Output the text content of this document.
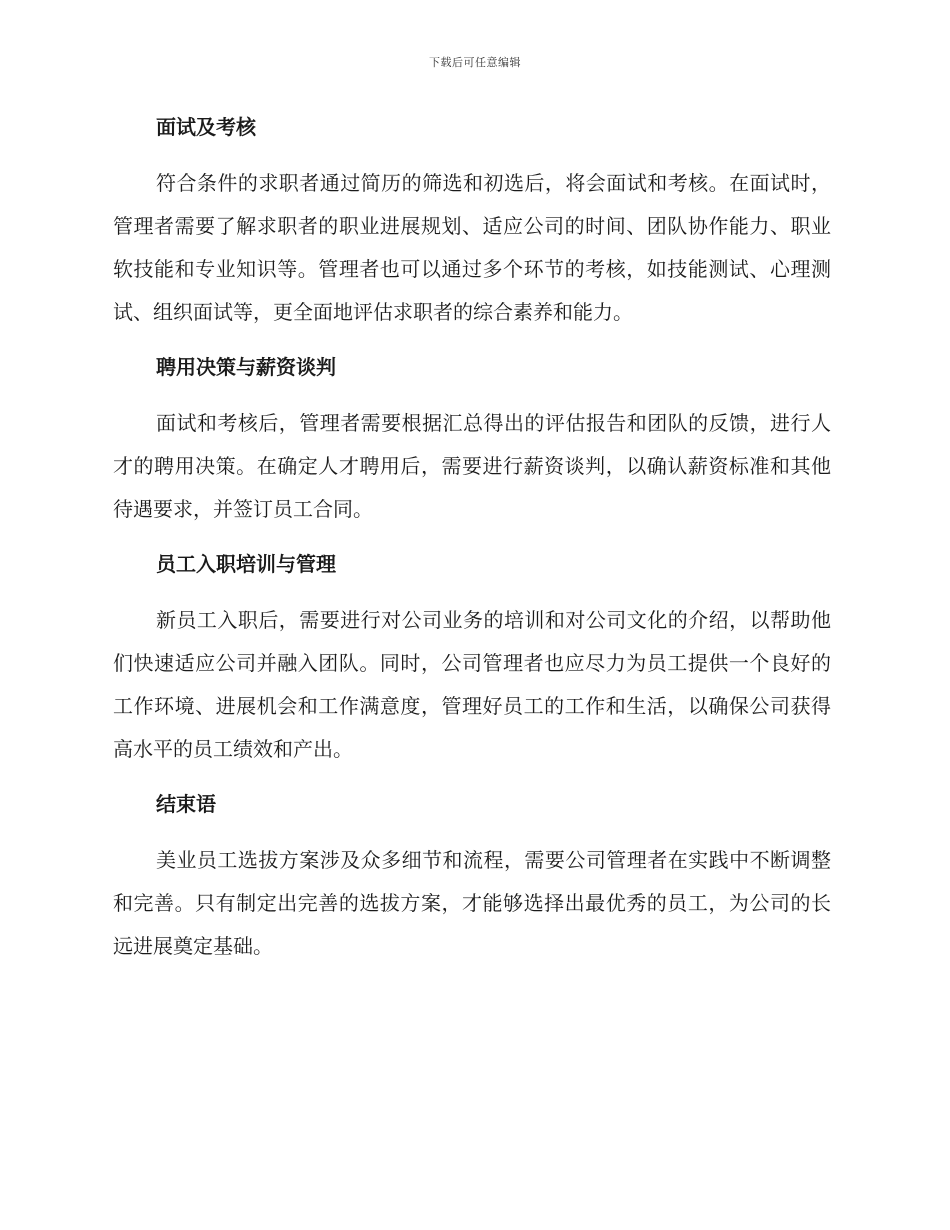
下载后可任意编辑
面试及考核

符合条件的求职者通过简历的筛选和初选后，将会面试和考核。在面试时，管理者需要了解求职者的职业进展规划、适应公司的时间、团队协作能力、职业软技能和专业知识等。管理者也可以通过多个环节的考核，如技能测试、心理测试、组织面试等，更全面地评估求职者的综合素养和能力。

聘用决策与薪资谈判

面试和考核后，管理者需要根据汇总得出的评估报告和团队的反馈，进行人才的聘用决策。在确定人才聘用后，需要进行薪资谈判，以确认薪资标准和其他待遇要求，并签订员工合同。

员工入职培训与管理

新员工入职后，需要进行对公司业务的培训和对公司文化的介绍，以帮助他们快速适应公司并融入团队。同时，公司管理者也应尽力为员工提供一个良好的工作环境、进展机会和工作满意度，管理好员工的工作和生活，以确保公司获得高水平的员工绩效和产出。

结束语

美业员工选拔方案涉及众多细节和流程，需要公司管理者在实践中不断调整和完善。只有制定出完善的选拔方案，才能够选择出最优秀的员工，为公司的长远进展奠定基础。
